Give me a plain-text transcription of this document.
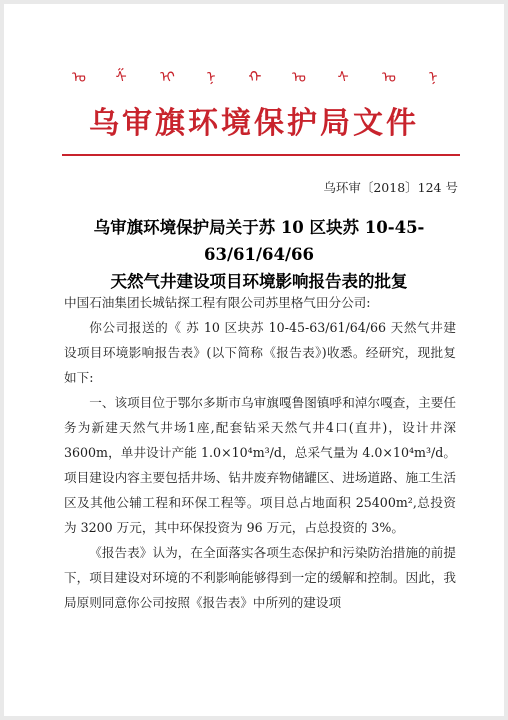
ᠤ ᠱ ᠢ ᠨ ᠬ ᠣ ᠰ ᠤ ᠨ
乌审旗环境保护局文件
乌环审〔2018〕124 号
乌审旗环境保护局关于苏 10 区块苏 10-45-63/61/64/66
天然气井建设项目环境影响报告表的批复

中国石油集团长城钻探工程有限公司苏里格气田分公司:

你公司报送的《 苏 10 区块苏 10-45-63/61/64/66 天然气井建设项目环境影响报告表》(以下简称《报告表》)收悉。经研究，现批复如下:

一、该项目位于鄂尔多斯市乌审旗嘎鲁图镇呼和淖尔嘎查，主要任务为新建天然气井场1座,配套钻采天然气井4口(直井)，设计井深 3600m，单井设计产能 1.0×10⁴m³/d，总采气量为 4.0×10⁴m³/d。项目建设内容主要包括井场、钻井废弃物储罐区、进场道路、施工生活区及其他公辅工程和环保工程等。项目总占地面积 25400m²,总投资为 3200 万元，其中环保投资为 96 万元，占总投资的 3%。

《报告表》认为，在全面落实各项生态保护和污染防治措施的前提下，项目建设对环境的不利影响能够得到一定的缓解和控制。因此，我局原则同意你公司按照《报告表》中所列的建设项
